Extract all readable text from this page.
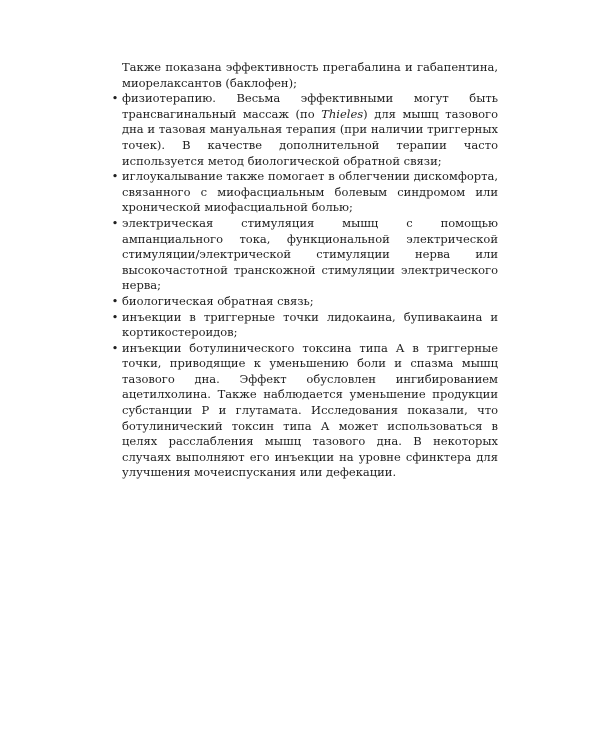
Также показана эффективность прегабалина и габапентина, миорелаксантов (баклофен);

• физиотерапию. Весьма эффективными могут быть трансвагинальный массаж (по Thieles) для мышц тазового дна и тазовая мануальная терапия (при наличии триггерных точек). В качестве дополнительной терапии часто используется метод биологической обратной связи;
• иглоукалывание также помогает в облегчении дискомфорта, связанного с миофасциальным болевым синдромом или хронической миофасциальной болью;
• электрическая стимуляция мышц с помощью ампанциального тока, функциональной электрической стимуляции/электрической стимуляции нерва или высокочастотной транскожной стимуляции электрического нерва;
• биологическая обратная связь;
• инъекции в триггерные точки лидокаина, бупивакаина и кортикостероидов;
• инъекции ботулинического токсина типа А в триггерные точки, приводящие к уменьшению боли и спазма мышц тазового дна. Эффект обусловлен ингибированием ацетилхолина. Также наблюдается уменьшение продукции субстанции P и глутамата. Исследования показали, что ботулинический токсин типа А может использоваться в целях расслабления мышц тазового дна. В некоторых случаях выполняют его инъекции на уровне сфинктера для улучшения мочеиспускания или дефекации.
